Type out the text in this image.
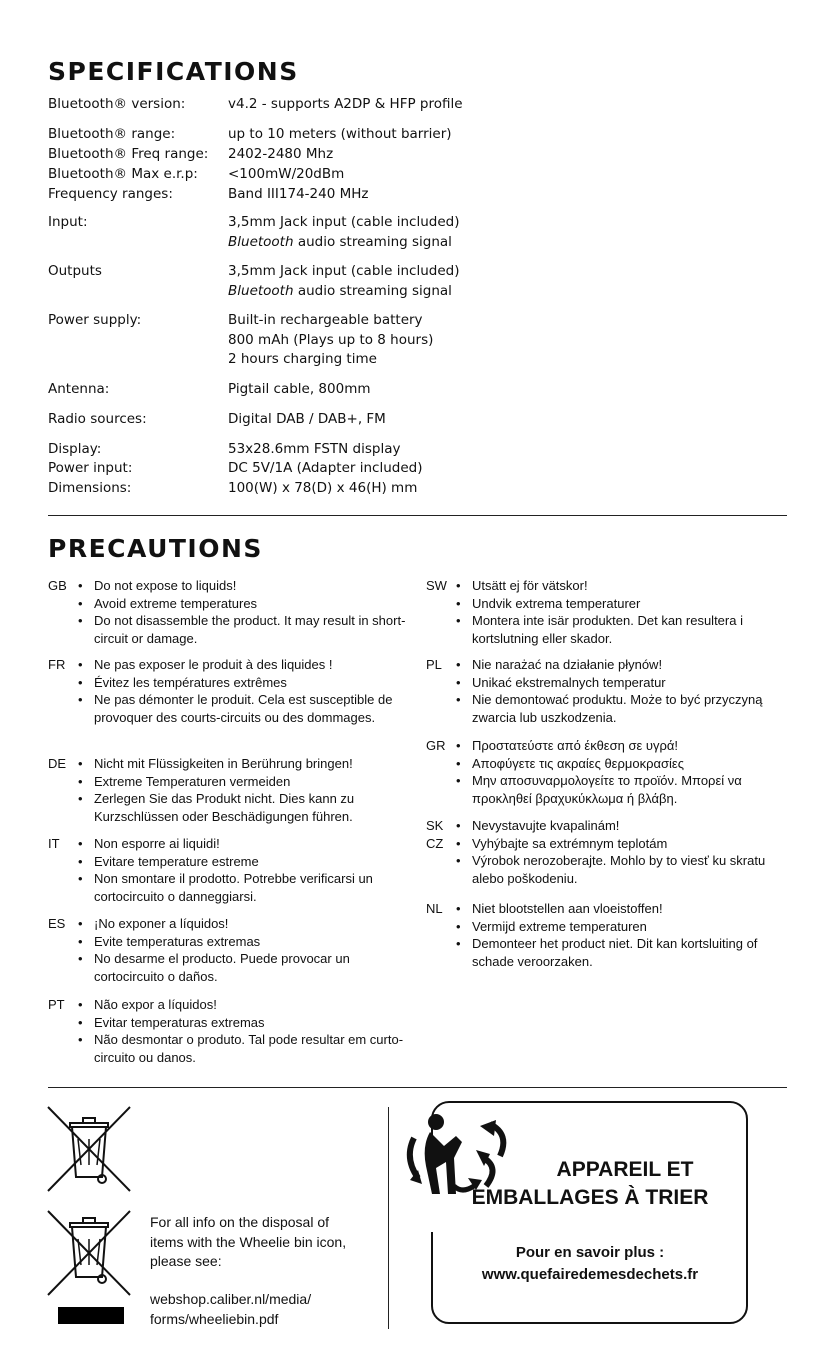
SPECIFICATIONS
Bluetooth® version:	v4.2 - supports A2DP & HFP profile
Bluetooth® range:	up to 10 meters (without barrier)
Bluetooth® Freq range:	2402-2480 Mhz
Bluetooth® Max e.r.p:	<100mW/20dBm
Frequency ranges:	Band III174-240 MHz
Input:	3,5mm Jack input (cable included)
Bluetooth audio streaming signal
Outputs	3,5mm Jack input (cable included)
Bluetooth audio streaming signal
Power supply:	Built-in rechargeable battery
800 mAh (Plays up to 8 hours)
2 hours charging time
Antenna:	Pigtail cable, 800mm
Radio sources:	Digital DAB / DAB+, FM
Display:	53x28.6mm FSTN display
Power input:	DC 5V/1A (Adapter included)
Dimensions:	100(W) x 78(D) x 46(H) mm
PRECAUTIONS
GB • Do not expose to liquids!
• Avoid extreme temperatures
• Do not disassemble the product. It may result in short-circuit or damage.
FR • Ne pas exposer le produit à des liquides !
• Évitez les températures extrêmes
• Ne pas démonter le produit. Cela est susceptible de provoquer des courts-circuits ou des dommages.
DE • Nicht mit Flüssigkeiten in Berührung bringen!
• Extreme Temperaturen vermeiden
• Zerlegen Sie das Produkt nicht. Dies kann zu Kurzschlüssen oder Beschädigungen führen.
IT	• Non esporre ai liquidi!
• Evitare temperature estreme
• Non smontare il prodotto. Potrebbe verificarsi un cortocircuito o danneggiarsi.
ES • ¡No exponer a líquidos!
• Evite temperaturas extremas
• No desarme el producto. Puede provocar un cortocircuito o daños.
PT	• Não expor a líquidos!
• Evitar temperaturas extremas
• Não desmontar o produto. Tal pode resultar em curto-circuito ou danos.
SW • Utsätt ej för vätskor!
• Undvik extrema temperaturer
• Montera inte isär produkten. Det kan resultera i kortslutning eller skador.
PL	• Nie narażać na działanie płynów!
• Unikać ekstremalnych temperatur
• Nie demontować produktu. Może to być przyczyną zwarcia lub uszkodzenia.
GR • Προστατεύστε από έκθεση σε υγρά!
• Αποφύγετε τις ακραίες θερμοκρασίες
• Μην αποσυναρμολογείτε το προϊόν. Μπορεί να προκληθεί βραχυκύκλωμα ή βλάβη.
SK
CZ
• Nevystavujte kvapalinám!
• Vyhýbajte sa extrémnym teplotám
• Výrobok nerozoberajte. Mohlo by to viesť ku skratu alebo poškodeniu.
NL	• Niet blootstellen aan vloeistoffen!
• Vermijd extreme temperaturen
• Demonteer het product niet. Dit kan kortsluiting of schade veroorzaken.
For all info on the disposal of items with the Wheelie bin icon, please see:
webshop.caliber.nl/media/ forms/wheeliebin.pdf
APPAREIL ET
EMBALLAGES À TRIER
Pour en savoir plus :
www.quefairedemesdechets.fr
